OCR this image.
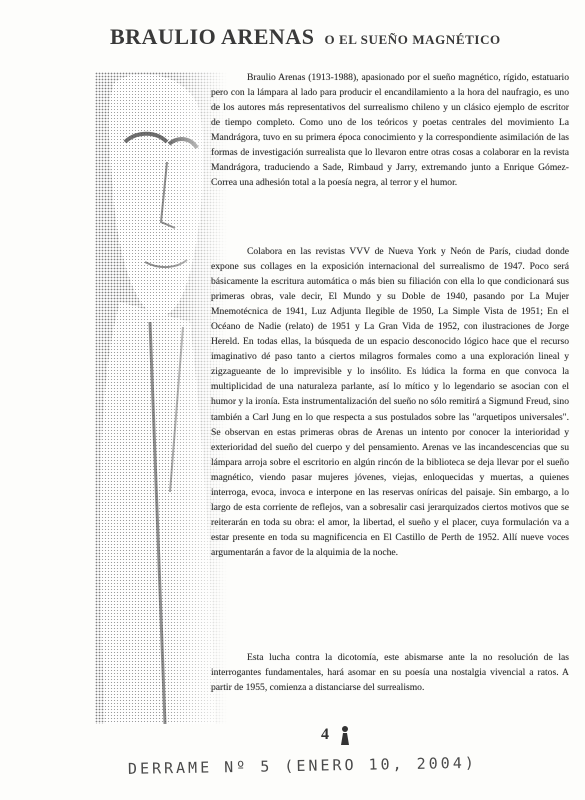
BRAULIO ARENAS O EL SUEÑO MAGNÉTICO

Braulio Arenas (1913-1988), apasionado por el sueño magnético, rígido, estatuario pero con la lámpara al lado para producir el encandilamiento a la hora del naufragio, es uno de los autores más representativos del surrealismo chileno y un clásico ejemplo de escritor de tiempo completo. Como uno de los teóricos y poetas centrales del movimiento La Mandrágora, tuvo en su primera época conocimiento y la correspondiente asimilación de las formas de investigación surrealista que lo llevaron entre otras cosas a colaborar en la revista Mandrágora, traduciendo a Sade, Rimbaud y Jarry, extremando junto a Enrique Gómez-Correa una adhesión total a la poesía negra, al terror y el humor.

Colabora en las revistas VVV de Nueva York y Neón de París, ciudad donde expone sus collages en la exposición internacional del surrealismo de 1947. Poco será básicamente la escritura automática o más bien su filiación con ella lo que condicionará sus primeras obras, vale decir, El Mundo y su Doble de 1940, pasando por La Mujer Mnemotécnica de 1941, Luz Adjunta Ilegible de 1950, La Simple Vista de 1951; En el Océano de Nadie (relato) de 1951 y La Gran Vida de 1952, con ilustraciones de Jorge Hereld. En todas ellas, la búsqueda de un espacio desconocido lógico hace que el recurso imaginativo dé paso tanto a ciertos milagros formales como a una exploración lineal y zigzagueante de lo imprevisible y lo insólito. Es lúdica la forma en que convoca la multiplicidad de una naturaleza parlante, así lo mítico y lo legendario se asocian con el humor y la ironía. Esta instrumentalización del sueño no sólo remitirá a Sigmund Freud, sino también a Carl Jung en lo que respecta a sus postulados sobre las "arquetipos universales". Se observan en estas primeras obras de Arenas un intento por conocer la interioridad y exterioridad del sueño del cuerpo y del pensamiento. Arenas ve las incandescencias que su lámpara arroja sobre el escritorio en algún rincón de la biblioteca se deja llevar por el sueño magnético, viendo pasar mujeres jóvenes, viejas, enloquecidas y muertas, a quienes interroga, evoca, invoca e interpone en las reservas oníricas del paisaje. Sin embargo, a lo largo de esta corriente de reflejos, van a sobresalir casi jerarquizados ciertos motivos que se reiterarán en toda su obra: el amor, la libertad, el sueño y el placer, cuya formulación va a estar presente en toda su magnificencia en El Castillo de Perth de 1952. Allí nueve voces argumentarán a favor de la alquimia de la noche.

Esta lucha contra la dicotomía, este abismarse ante la no resolución de las interrogantes fundamentales, hará asomar en su poesía una nostalgia vivencial a ratos. A partir de 1955, comienza a distanciarse del surrealismo.

4
DERRAME Nº 5 (ENERO 10, 2004)
